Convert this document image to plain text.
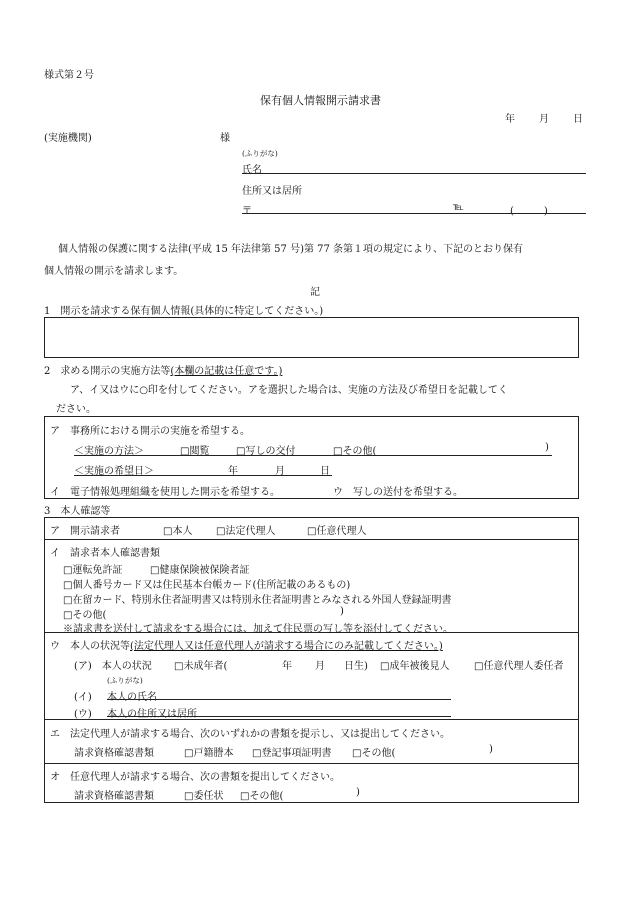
様式第２号
保有個人情報開示請求書
年 月 日
(実施機関)	様
(ふりがな)
氏名
住所又は居所
〒	℡	(　　　)
個人情報の保護に関する法律(平成 15 年法律第 57 号)第 77 条第１項の規定により、下記のとおり保有
個人情報の開示を請求します。
記
1　開示を請求する保有個人情報(具体的に特定してください。)
2　求める開示の実施方法等(本欄の記載は任意です。)
ア、イ又はウに○印を付してください。アを選択した場合は、実施の方法及び希望日を記載してく
ださい。
ア　事務所における開示の実施を希望する。
＜実施の方法＞	□閲覧	□写しの交付	□その他(	)
＜実施の希望日＞	年	月	日
イ　電子情報処理組織を使用した開示を希望する。	ウ　写しの送付を希望する。
3　本人確認等
ア　開示請求者	□本人 □法定代理人	□任意代理人
イ　請求者本人確認書類
□運転免許証	□健康保険被保険者証
□個人番号カード又は住民基本台帳カード(住所記載のあるもの)
□在留カード、特別永住者証明書又は特別永住者証明書とみなされる外国人登録証明書
□その他(	)
※請求書を送付して請求をする場合には、加えて住民票の写し等を添付してください。
ウ　本人の状況等(法定代理人又は任意代理人が請求する場合にのみ記載してください。)
(ア)　本人の状況 □未成年者(	年 月 日生) □成年被後見人 □任意代理人委任者
(ふりがな)
(イ) 本人の氏名
(ウ) 本人の住所又は居所
エ　法定代理人が請求する場合、次のいずれかの書類を提示し、又は提出してください。
請求資格確認書類	□戸籍謄本 □登記事項証明書 □その他(	)
オ　任意代理人が請求する場合、次の書類を提出してください。
請求資格確認書類	□委任状 □その他(	)
